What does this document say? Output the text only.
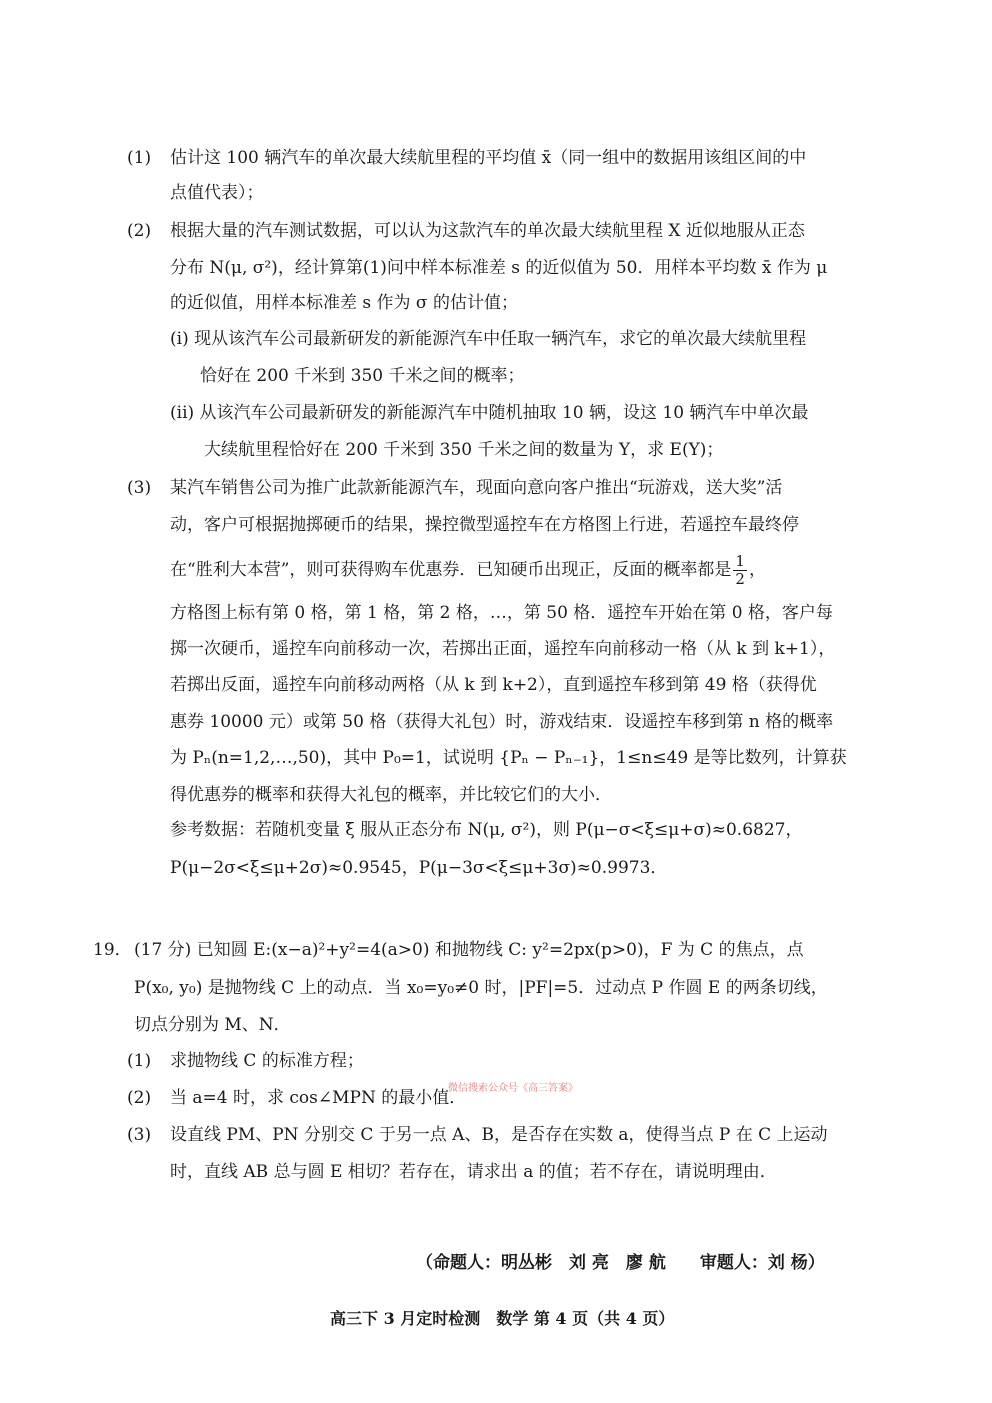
(1) 估计这 100 辆汽车的单次最大续航里程的平均值 x̄（同一组中的数据用该组区间的中
点值代表）；
(2) 根据大量的汽车测试数据，可以认为这款汽车的单次最大续航里程 X 近似地服从正态
分布 N(μ, σ²)，经计算第(1)问中样本标准差 s 的近似值为 50．用样本平均数 x̄ 作为 μ
的近似值，用样本标准差 s 作为 σ 的估计值；
(i) 现从该汽车公司最新研发的新能源汽车中任取一辆汽车，求它的单次最大续航里程
恰好在 200 千米到 350 千米之间的概率；
(ii) 从该汽车公司最新研发的新能源汽车中随机抽取 10 辆，设这 10 辆汽车中单次最
大续航里程恰好在 200 千米到 350 千米之间的数量为 Y，求 E(Y)；
(3) 某汽车销售公司为推广此款新能源汽车，现面向意向客户推出“玩游戏，送大奖”活
动，客户可根据抛掷硬币的结果，操控微型遥控车在方格图上行进，若遥控车最终停
在“胜利大本营”，则可获得购车优惠券．已知硬币出现正，反面的概率都是 $\frac{1}{2}$ ，
方格图上标有第 0 格，第 1 格，第 2 格，…，第 50 格．遥控车开始在第 0 格，客户每
掷一次硬币，遥控车向前移动一次，若掷出正面，遥控车向前移动一格（从 k 到 k+1），
若掷出反面，遥控车向前移动两格（从 k 到 k+2），直到遥控车移到第 49 格（获得优
惠券 10000 元）或第 50 格（获得大礼包）时，游戏结束．设遥控车移到第 n 格的概率
为 Pₙ(n=1,2,…,50)，其中 P₀=1，试说明 {Pₙ − Pₙ₋₁}，1≤n≤49 是等比数列，计算获
得优惠券的概率和获得大礼包的概率，并比较它们的大小．
参考数据：若随机变量 ξ 服从正态分布 N(μ, σ²)，则 P(μ−σ<ξ≤μ+σ)≈0.6827，
P(μ−2σ<ξ≤μ+2σ)≈0.9545，P(μ−3σ<ξ≤μ+3σ)≈0.9973．
19． (17 分) 已知圆 E:(x−a)²+y²=4(a>0) 和抛物线 C: y²=2px(p>0)，F 为 C 的焦点，点
P(x₀, y₀) 是抛物线 C 上的动点．当 x₀=y₀≠0 时，|PF|=5．过动点 P 作圆 E 的两条切线，
切点分别为 M、N．
(1) 求抛物线 C 的标准方程；
(2) 当 a=4 时，求 cos∠MPN 的最小值．
微信搜索公众号《高三答案》
(3) 设直线 PM、PN 分别交 C 于另一点 A、B，是否存在实数 a，使得当点 P 在 C 上运动
时，直线 AB 总与圆 E 相切？若存在，请求出 a 的值；若不存在，请说明理由．
（命题人：明丛彬　刘 亮　廖 航　　审题人：刘 杨）
高三下 3 月定时检测　数学 第 4 页（共 4 页）
